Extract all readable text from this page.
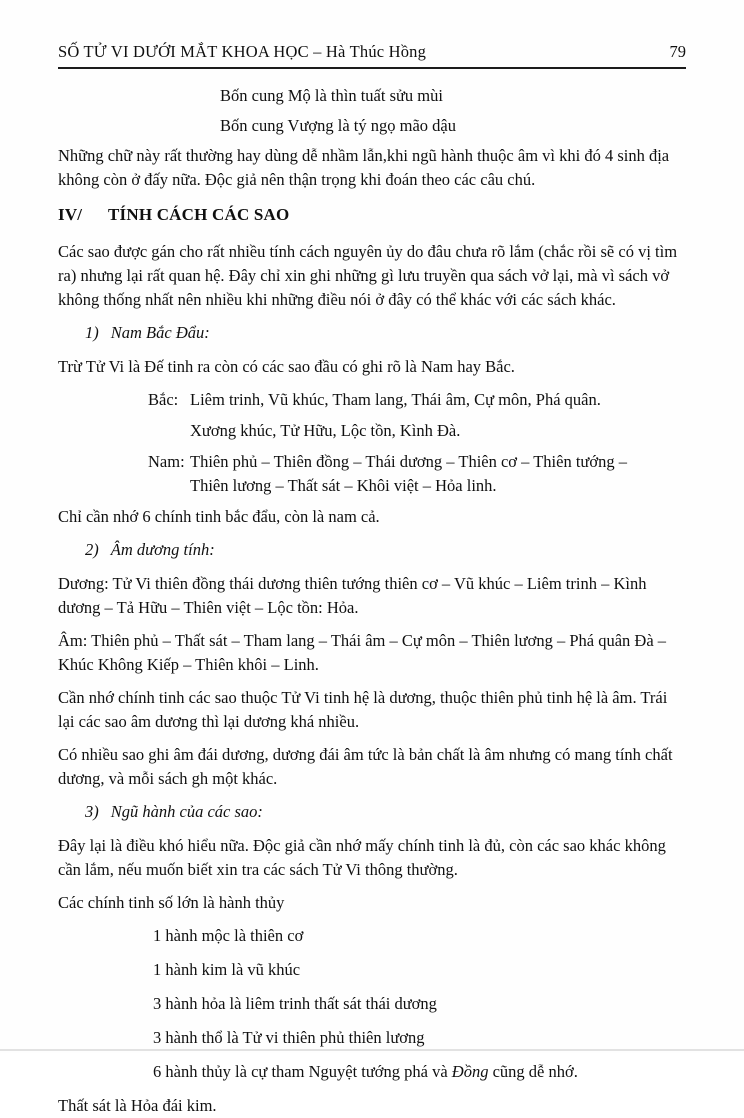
SỐ TỬ VI DƯỚI MẮT KHOA HỌC – Hà Thúc Hồng	79

Bốn cung Mộ là thìn tuất sửu mùi

Bốn cung Vượng là tý ngọ mão dậu

Những chữ này rất thường hay dùng dễ nhầm lẫn,khi ngũ hành thuộc âm vì khi đó 4 sinh địa không còn ở đấy nữa. Độc giả nên thận trọng khi đoán theo các câu chú.

IV/	TÍNH CÁCH CÁC SAO

Các sao được gán cho rất nhiều tính cách nguyên ủy do đâu chưa rõ lắm (chắc rồi sẽ có vị tìm ra) nhưng lại rất quan hệ. Đây chỉ xin ghi những gì lưu truyền qua sách vở lại, mà vì sách vở không thống nhất nên nhiều khi những điều nói ở đây có thể khác với các sách khác.

1) Nam Bắc Đẩu:

Trừ Tử Vi là Đế tinh ra còn có các sao đầu có ghi rõ là Nam hay Bắc.

Bắc: Liêm trinh, Vũ khúc, Tham lang, Thái âm, Cự môn, Phá quân.
Xương khúc, Tử Hữu, Lộc tồn, Kình Đà.
Nam: Thiên phủ – Thiên đồng – Thái dương – Thiên cơ – Thiên tướng –
Thiên lương – Thất sát – Khôi việt – Hỏa linh.

Chỉ cần nhớ 6 chính tinh bắc đẩu, còn là nam cả.

2) Âm dương tính:

Dương: Tử Vi thiên đồng thái dương thiên tướng thiên cơ – Vũ khúc – Liêm trinh – Kình dương – Tả Hữu – Thiên việt – Lộc tồn: Hỏa.

Âm: Thiên phủ – Thất sát – Tham lang – Thái âm – Cự môn – Thiên lương – Phá quân Đà – Khúc Không Kiếp – Thiên khôi – Linh.

Cần nhớ chính tinh các sao thuộc Tử Vi tinh hệ là dương, thuộc thiên phủ tinh hệ là âm. Trái lại các sao âm dương thì lại dương khá nhiều.

Có nhiều sao ghi âm đái dương, dương đái âm tức là bản chất là âm nhưng có mang tính chất dương, và mỗi sách gh một khác.

3) Ngũ hành của các sao:

Đây lại là điều khó hiểu nữa. Độc giả cần nhớ mấy chính tinh là đủ, còn các sao khác không cần lắm, nếu muốn biết xin tra các sách Tử Vi thông thường.

Các chính tinh số lớn là hành thủy

1 hành mộc là thiên cơ
1 hành kim là vũ khúc
3 hành hỏa là liêm trinh thất sát thái dương
3 hành thổ là Tử vi thiên phủ thiên lương
6 hành thủy là cự tham Nguyệt tướng phá và Đồng cũng dễ nhớ.

Thất sát là Hỏa đái kim.
